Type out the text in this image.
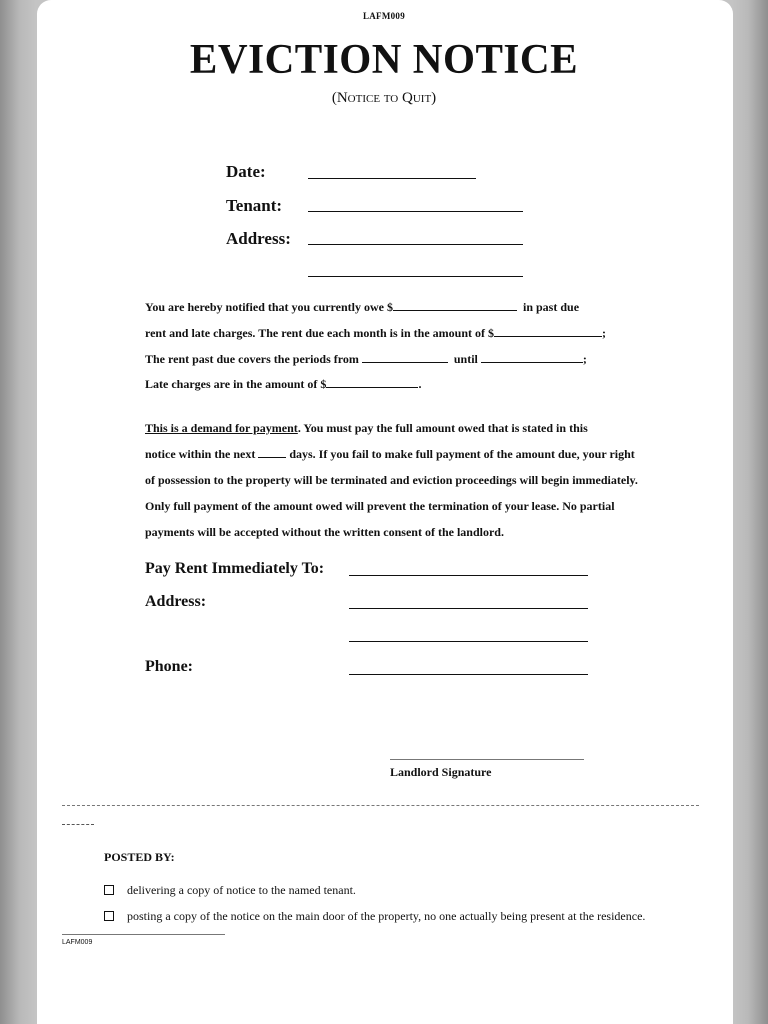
LAFM009
EVICTION NOTICE
(Notice to Quit)
Date:
Tenant:
Address:
You are hereby notified that you currently owe $	in past due
rent and late charges. The rent due each month is in the amount of $	;
The rent past due covers the periods from	until	;
Late charges are in the amount of $	.
This is a demand for payment. You must pay the full amount owed that is stated in this
notice within the next	days. If you fail to make full payment of the amount due, your right
of possession to the property will be terminated and eviction proceedings will begin immediately.
Only full payment of the amount owed will prevent the termination of your lease. No partial
payments will be accepted without the written consent of the landlord.
Pay Rent Immediately To:
Address:
Phone:
Landlord Signature
POSTED BY:
delivering a copy of notice to the named tenant.
posting a copy of the notice on the main door of the property, no one actually being present at the residence.
LAFM009
